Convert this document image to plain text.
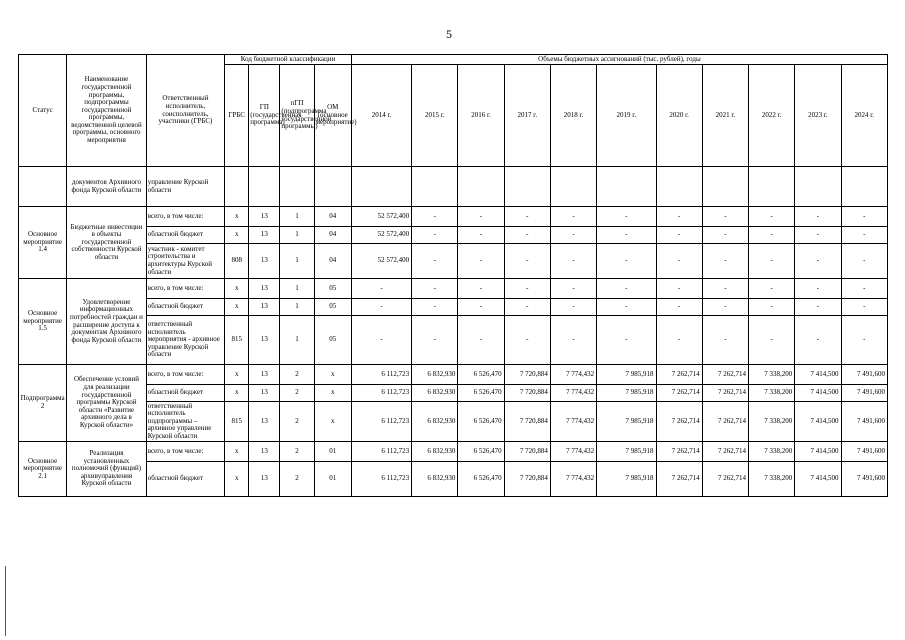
5
Статус	Наименование государственной программы, подпрограммы государственной программы, ведомственной целевой программы, основного мероприятия	Ответственный исполнитель, соисполнитель, участники (ГРБС)	Код бюджетной классификации				Объемы бюджетных ассигнований (тыс. рублей), годы										
			ГРБС	ГП (государственная программа)	пГП (подпрограмма государственной программы)	ОМ (основное мероприятие)	2014 г.	2015 г.	2016 г.	2017 г.	2018 г.	2019 г.	2020 г.	2021 г.	2022 г.	2023 г.	2024 г.
	документов Архивного фонда Курской области	управление Курской области															
Основное мероприятие 1.4	Бюджетные инвестиции в объекты государственной собственности Курской области	всего, в том числе:	х	13	1	04	52 572,400	-	-	-	-	-	-	-	-	-	-
		областной бюджет	х	13	1	04	52 572,400	-	-	-	-	-	-	-	-	-	-
		участник - комитет строительства и архитектуры Курской области	808	13	1	04	52 572,400	-	-	-	-	-	-	-	-	-	-
Основное мероприятие 1.5	Удовлетворение информационных потребностей граждан и расширение доступа к документам Архивного фонда Курской области	всего, в том числе:	х	13	1	05	-	-	-	-	-	-	-	-	-	-	-
		областной бюджет	х	13	1	05	-	-	-	-	-	-	-	-	-	-	-
		ответственный исполнитель мероприятия - архивное управление Курской области	815	13	1	05	-	-	-	-	-	-	-	-	-	-	-
Подпрограмма 2	Обеспечение условий для реализации государственной программы Курской области «Развитие архивного дела в Курской области»	всего, в том числе:	х	13	2	х	6 112,723	6 832,930	6 526,470	7 720,884	7 774,432	7 985,918	7 262,714	7 262,714	7 338,200	7 414,500	7 491,600
		областной бюджет	х	13	2	х	6 112,723	6 832,930	6 526,470	7 720,884	7 774,432	7 985,918	7 262,714	7 262,714	7 338,200	7 414,500	7 491,600
		ответственный исполнитель подпрограммы – архивное управление Курской области	815	13	2	х	6 112,723	6 832,930	6 526,470	7 720,884	7 774,432	7 985,918	7 262,714	7 262,714	7 338,200	7 414,500	7 491,600
Основное мероприятие 2.1	Реализация установленных полномочий (функций) архивуправления Курской области	всего, в том числе:	х	13	2	01	6 112,723	6 832,930	6 526,470	7 720,884	7 774,432	7 985,918	7 262,714	7 262,714	7 338,200	7 414,500	7 491,600
		областной бюджет	х	13	2	01	6 112,723	6 832,930	6 526,470	7 720,884	7 774,432	7 985,918	7 262,714	7 262,714	7 338,200	7 414,500	7 491,600
